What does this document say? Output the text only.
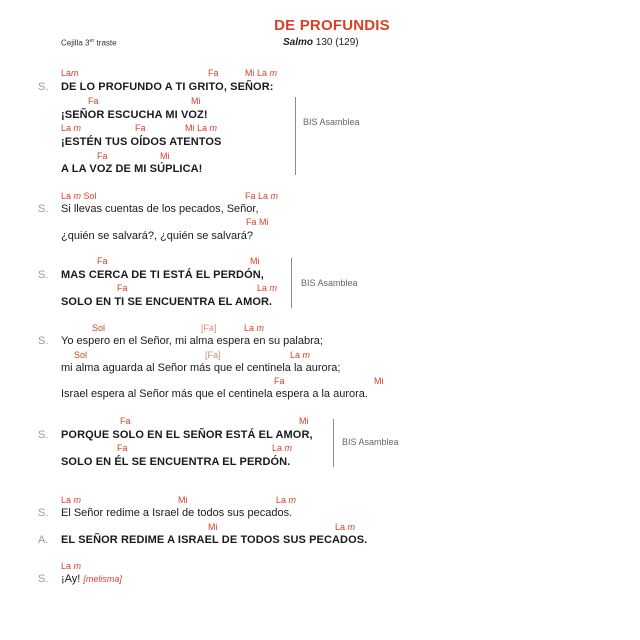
DE PROFUNDIS
Cejilla 3er traste	Salmo 130 (129)
Lam	Fa	Mi La m
S. DE LO PROFUNDO A TI GRITO, SEÑOR:
Fa	Mi
¡SEÑOR ESCUCHA MI VOZ!
La m	Fa	Mi La m
¡ESTÉN TUS OÍDOS ATENTOS
Fa	Mi
A LA VOZ DE MI SÚPLICA!
BIS Asamblea
La m Sol	Fa La m
S. Si llevas cuentas de los pecados, Señor,
Fa Mi
¿quién se salvará?, ¿quién se salvará?
Fa	Mi
S. MAS CERCA DE TI ESTÁ EL PERDÓN,
Fa	La m
SOLO EN TI SE ENCUENTRA EL AMOR.
BIS Asamblea
Sol	[Fa]	La m
S. Yo espero en el Señor, mi alma espera en su palabra;
Sol	[Fa]	La m
mi alma aguarda al Señor más que el centinela la aurora;
Fa	Mi
Israel espera al Señor más que el centinela espera a la aurora.
Fa	Mi
S. PORQUE SOLO EN EL SEÑOR ESTÁ EL AMOR,
Fa	La m
SOLO EN ÉL SE ENCUENTRA EL PERDÓN.
BIS Asamblea
La m	Mi	La m
S. El Señor redime a Israel de todos sus pecados.
Mi	La m
A. EL SEÑOR REDIME A ISRAEL DE TODOS SUS PECADOS.
La m
S. ¡Ay! [melisma]
